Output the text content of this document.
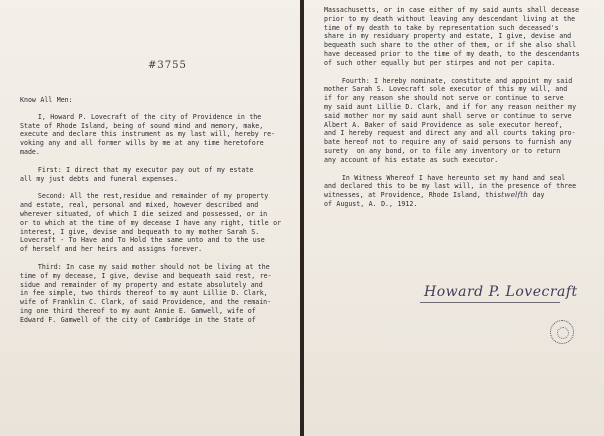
#3755

Know All Men:

I, Howard P. Lovecraft of the city of Providence in the
State of Rhode Island, being of sound mind and memory, make,
execute and declare this instrument as my last will, hereby re-
voking any and all former wills by me at any time heretofore
made.

First: I direct that my executor pay out of my estate
all my just debts and funeral expenses.

Second: All the rest,residue and remainder of my property
and estate, real, personal and mixed, however described and
wherever situated, of which I die seized and possessed, or in
or to which at the time of my decease I have any right, title or
interest, I give, devise and bequeath to my mother Sarah S.
Lovecraft - To Have and To Hold the same unto and to the use
of herself and her heirs and assigns forever.

Third: In case my said mother should not be living at the
time of my decease, I give, devise and bequeath said rest, re-
sidue and remainder of my property and estate absolutely and
in fee simple, two thirds thereof to my aunt Lillie D. Clark,
wife of Franklin C. Clark, of said Providence, and the remain-
ing one third thereof to my aunt Annie E. Gamwell, wife of
Edward F. Gamwell of the city of Cambridge in the State of

Massachusetts, or in case either of my said aunts shall decease
prior to my death without leaving any descendant living at the
time of my death to take by representation such deceased's
share in my residuary property and estate, I give, devise and
bequeath such share to the other of them, or if she also shall
have deceased prior to the time of my death, to the descendants
of such other equally but per stirpes and not per capita.

Fourth: I hereby nominate, constitute and appoint my said
mother Sarah S. Lovecraft sole executor of this my will, and
if for any reason she should not serve or continue to serve
my said aunt Lillie D. Clark, and if for any reason neither my
said mother nor my said aunt shall serve or continue to serve
Albert A. Baker of said Providence as sole executor hereof,
and I hereby request and direct any and all courts taking pro-
bate hereof not to require any of said persons to furnish any
surety  on any bond, or to file any inventory or to return
any account of his estate as such executor.

In Witness Whereof I have hereunto set my hand and seal
and declared this to be my last will, in the presence of three
witnesses, at Providence, Rhode Island, thistwelfth day
of August, A. D., 1912.

Howard P. Lovecraft
